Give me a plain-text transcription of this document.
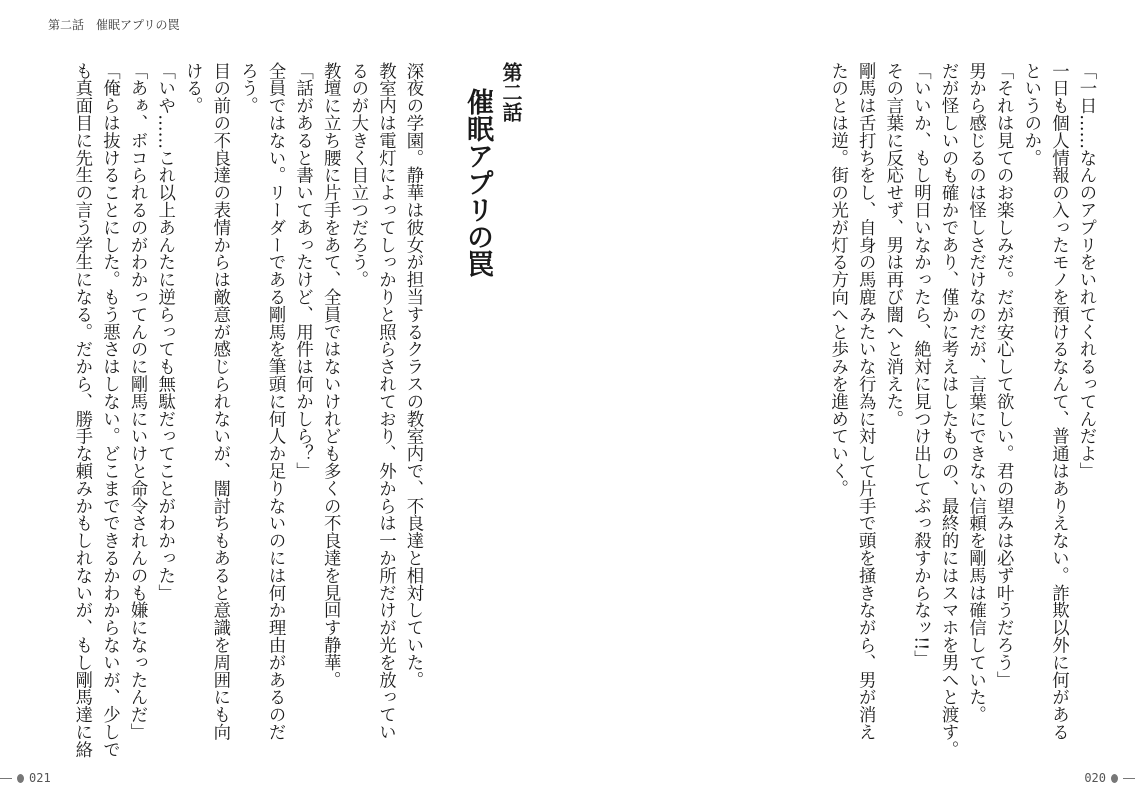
第二話　催眠アプリの罠

「一日……なんのアプリをいれてくれるってんだよ」

一日も個人情報の入ったモノを預けるなんて、普通はありえない。詐欺以外に何がある

というのか。

「それは見てのお楽しみだ。だが安心して欲しい。君の望みは必ず叶うだろう」

男から感じるのは怪しさだけなのだが、言葉にできない信頼を剛馬は確信していた。

だが怪しいのも確かであり、僅かに考えはしたものの、最終的にはスマホを男へと渡す。

「いいか、もし明日いなかったら、絶対に見つけ出してぶっ殺すからなッ!!」

その言葉に反応せず、男は再び闇へと消えた。

剛馬は舌打ちをし、自身の馬鹿みたいな行為に対して片手で頭を掻きながら、男が消え

たのとは逆。街の光が灯る方向へと歩みを進めていく。

第二話催眠アプリの罠

深夜の学園。静華は彼女が担当するクラスの教室内で、不良達と相対していた。

教室内は電灯によってしっかりと照らされており、外からは一か所だけが光を放ってい

るのが大きく目立つだろう。

教壇に立ち腰に片手をあて、全員ではないけれども多くの不良達を見回す静華。

「話があると書いてあったけど、用件は何かしら？」

全員ではない。リーダーである剛馬を筆頭に何人か足りないのには何か理由があるのだ

ろう。

目の前の不良達の表情からは敵意が感じられないが、闇討ちもあると意識を周囲にも向

ける。

「いや……これ以上あんたに逆らっても無駄だってことがわかった」

「あぁ、ボコられるのがわかってんのに剛馬にいけと命令されんのも嫌になったんだ」

「俺らは抜けることにした。もう悪さはしない。どこまでできるかわからないが、少しで

も真面目に先生の言う学生になる。だから、勝手な頼みかもしれないが、もし剛馬達に絡

021	020
